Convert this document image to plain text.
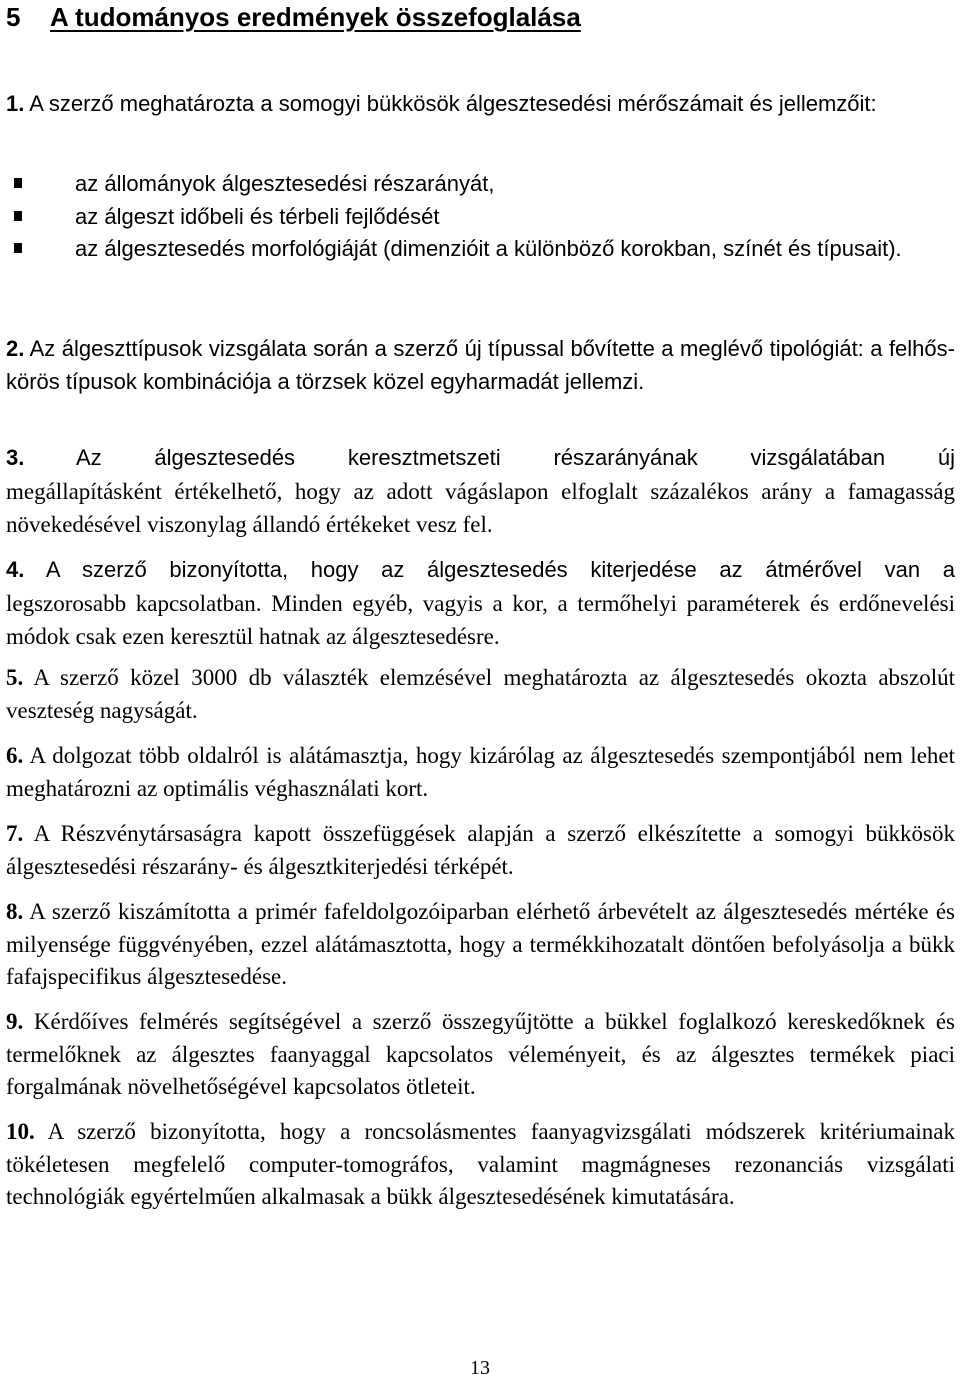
5 A tudományos eredmények összefoglalása

1. A szerző meghatározta a somogyi bükkösök álgesztesedési mérőszámait és jellemzőit:

az állományok álgesztesedési részarányát,
az álgeszt időbeli és térbeli fejlődését
az álgesztesedés morfológiáját (dimenzióit a különböző korokban, színét és típusait).

2. Az álgeszttípusok vizsgálata során a szerző új típussal bővítette a meglévő tipológiát: a felhős-körös típusok kombinációja a törzsek közel egyharmadát jellemzi.

3. Az álgesztesedés keresztmetszeti részarányának vizsgálatában új

megállapításként értékelhető, hogy az adott vágáslapon elfoglalt százalékos arány a famagasság növekedésével viszonylag állandó értékeket vesz fel.

4. A szerző bizonyította, hogy az álgesztesedés kiterjedése az átmérővel van a

legszorosabb kapcsolatban. Minden egyéb, vagyis a kor, a termőhelyi paraméterek és erdőnevelési módok csak ezen keresztül hatnak az álgesztesedésre.

5. A szerző közel 3000 db választék elemzésével meghatározta az álgesztesedés okozta abszolút veszteség nagyságát.

6. A dolgozat több oldalról is alátámasztja, hogy kizárólag az álgesztesedés szempontjából nem lehet meghatározni az optimális véghasználati kort.

7. A Részvénytársaságra kapott összefüggések alapján a szerző elkészítette a somogyi bükkösök álgesztesedési részarány- és álgesztkiterjedési térképét.

8. A szerző kiszámította a primér fafeldolgozóiparban elérhető árbevételt az álgesztesedés mértéke és milyensége függvényében, ezzel alátámasztotta, hogy a termékkihozatalt döntően befolyásolja a bükk fafajspecifikus álgesztesedése.

9. Kérdőíves felmérés segítségével a szerző összegyűjtötte a bükkel foglalkozó kereskedőknek és termelőknek az álgesztes faanyaggal kapcsolatos véleményeit, és az álgesztes termékek piaci forgalmának növelhetőségével kapcsolatos ötleteit.

10. A szerző bizonyította, hogy a roncsolásmentes faanyagvizsgálati módszerek kritériumainak tökéletesen megfelelő computer-tomográfos, valamint magmágneses rezonanciás vizsgálati technológiák egyértelműen alkalmasak a bükk álgesztesedésének kimutatására.

13
